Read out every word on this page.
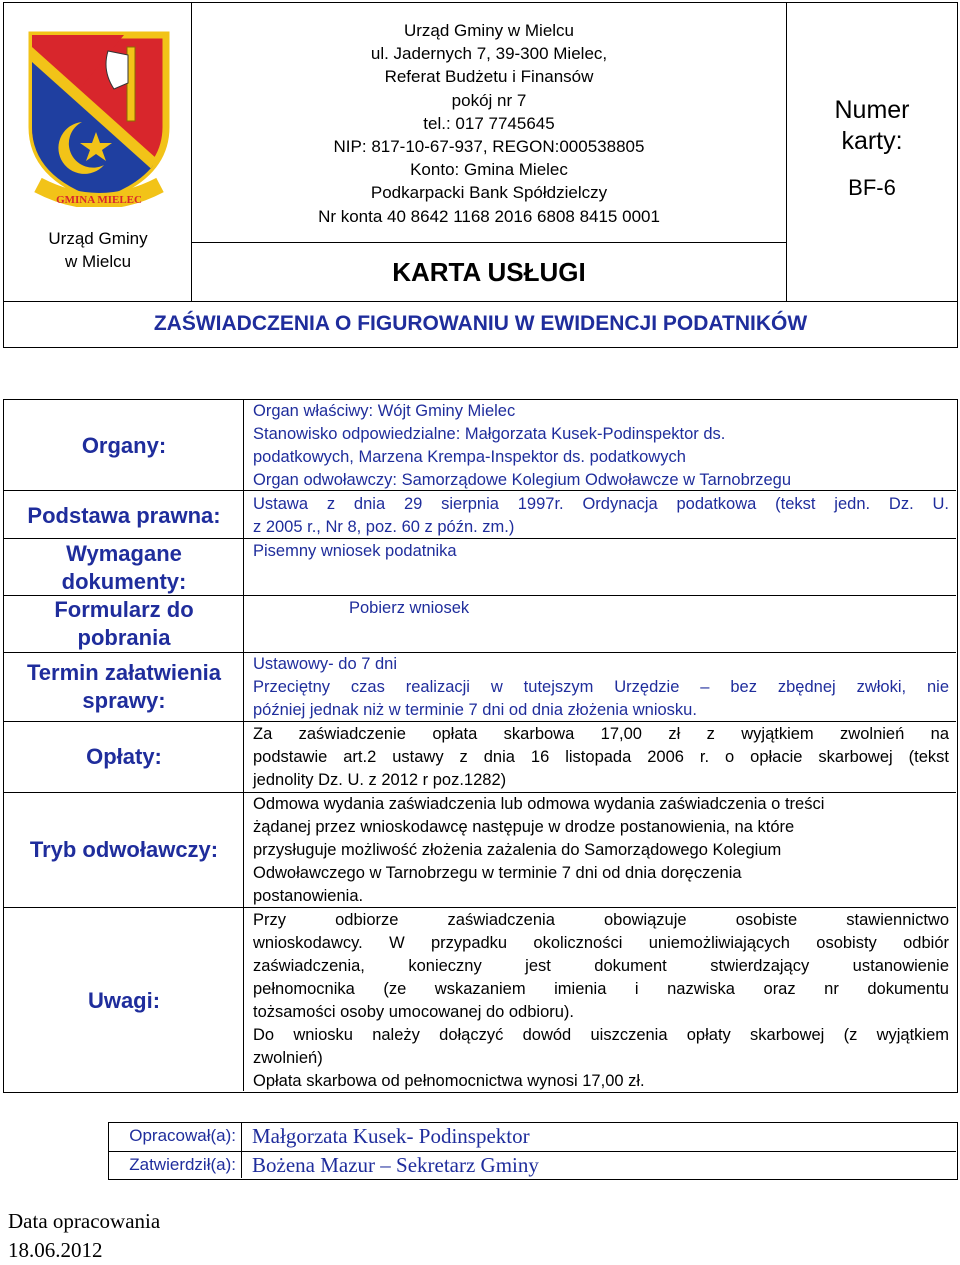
GMINA MIELEC
Urząd Gminy
w Mielcu
Urząd Gminy w Mielcu
ul. Jadernych 7, 39-300 Mielec,
Referat Budżetu i Finansów
pokój nr 7
tel.: 017 7745645
NIP: 817-10-67-937, REGON:000538805
Konto: Gmina Mielec
Podkarpacki Bank Spółdzielczy
Nr konta 40 8642 1168 2016 6808 8415 0001
KARTA USŁUGI
Numer
karty:
BF-6
ZAŚWIADCZENIA O FIGUROWANIU W EWIDENCJI PODATNIKÓW
Organy:
Podstawa prawna:
Wymagane
dokumenty:
Formularz do
pobrania
Termin załatwienia
sprawy:
Opłaty:
Tryb odwoławczy:
Uwagi:

Organ właściwy: Wójt Gminy Mielec

Stanowisko odpowiedzialne: Małgorzata Kusek-Podinspektor ds.

podatkowych, Marzena Krempa-Inspektor ds. podatkowych

Organ odwoławczy: Samorządowe Kolegium Odwoławcze w Tarnobrzegu

Ustawa z dnia 29 sierpnia 1997r. Ordynacja podatkowa (tekst jedn. Dz. U.

z 2005 r., Nr 8, poz. 60 z późn. zm.)

Pisemny wniosek podatnika
Pobierz wniosek

Ustawowy- do 7 dni

Przeciętny czas realizacji w tutejszym Urzędzie – bez zbędnej zwłoki, nie

później jednak niż w terminie 7 dni od dnia złożenia wniosku.

Za zaświadczenie opłata skarbowa 17,00 zł z wyjątkiem zwolnień na

podstawie art.2 ustawy z dnia 16 listopada 2006 r. o opłacie skarbowej (tekst

jednolity Dz. U. z 2012 r poz.1282)

Odmowa wydania zaświadczenia lub odmowa wydania zaświadczenia o treści

żądanej przez wnioskodawcę następuje w drodze postanowienia, na które

przysługuje możliwość złożenia zażalenia do Samorządowego Kolegium

Odwoławczego w Tarnobrzegu w terminie 7 dni od dnia doręczenia

postanowienia.

Przy odbiorze zaświadczenia obowiązuje osobiste stawiennictwo

wnioskodawcy. W przypadku okoliczności uniemożliwiających osobisty odbiór

zaświadczenia, konieczny jest dokument stwierdzający ustanowienie

pełnomocnika (ze wskazaniem imienia i nazwiska oraz nr dokumentu

tożsamości osoby umocowanej do odbioru).

Do wniosku należy dołączyć dowód uiszczenia opłaty skarbowej (z wyjątkiem

zwolnień)

Opłata skarbowa od pełnomocnictwa wynosi 17,00 zł.

Opracował(a):
Zatwierdził(a):
Małgorzata Kusek- Podinspektor
Bożena Mazur – Sekretarz Gminy
Data opracowania
18.06.2012
